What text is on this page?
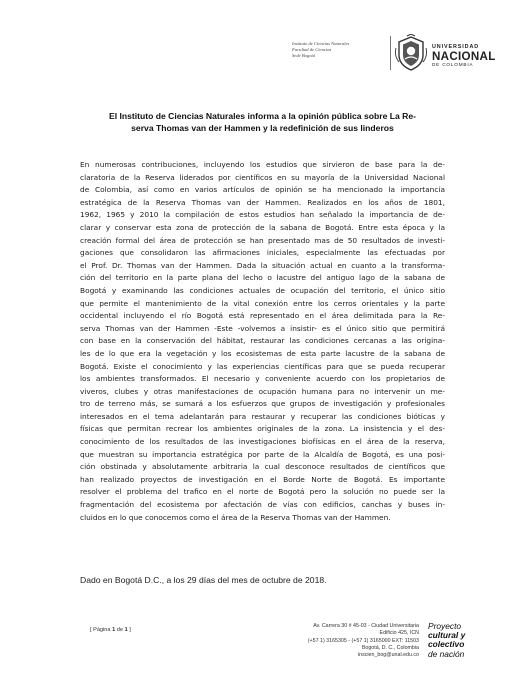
Instituto de Ciencias Naturales
Facultad de Ciencias
Sede Bogotá
UNIVERSIDAD
NACIONAL
DE COLOMBIA
El Instituto de Ciencias Naturales informa a la opinión pública sobre La Re-
serva Thomas van der Hammen y la redefinición de sus linderos
En numerosas contribuciones, incluyendo los estudios que sirvieron de base para la de-
claratoria de la Reserva liderados por científicos en su mayoría de la Universidad Nacional
de Colombia, así como en varios artículos de opinión se ha mencionado la importancia
estratégica de la Reserva Thomas van der Hammen. Realizados en los años de 1801,
1962, 1965 y 2010 la compilación de estos estudios han señalado la importancia de de-
clarar y conservar esta zona de protección de la sabana de Bogotá. Entre esta época y la
creación formal del área de protección se han presentado mas de 50 resultados de investi-
gaciones que consolidaron las afirmaciones iniciales, especialmente las efectuadas por
el Prof. Dr. Thomas van der Hammen. Dada la situación actual en cuanto a la transforma-
ción del territorio en la parte plana del lecho o lacustre del antiguo lago de la sabana de
Bogotá y examinando las condiciones actuales de ocupación del territorio, el único sitio
que permite el mantenimiento de la vital conexión entre los cerros orientales y la parte
occidental incluyendo el río Bogotá está representado en el área delimitada para la Re-
serva Thomas van der Hammen -Este -volvemos a insistir- es el único sitio que permitirá
con base en la conservación del hábitat, restaurar las condiciones cercanas a las origina-
les de lo que era la vegetación y los ecosistemas de esta parte lacustre de la sabana de
Bogotá. Existe el conocimiento y las experiencias científicas para que se pueda recuperar
los ambientes transformados. El necesario y conveniente acuerdo con los propietarios de
viveros, clubes y otras manifestaciones de ocupación humana para no intervenir un me-
tro de terreno más, se sumará a los esfuerzos que grupos de investigación y profesionales
interesados en el tema adelantarán para restaurar y recuperar las condiciones bióticas y
físicas que permitan recrear los ambientes originales de la zona. La insistencia y el des-
conocimiento de los resultados de las investigaciones biofísicas en el área de la reserva,
que muestran su importancia estratégica por parte de la Alcaldía de Bogotá, es una posi-
ción obstinada y absolutamente arbitraria la cual desconoce resultados de científicos que
han realizado proyectos de investigación en el Borde Norte de Bogotá. Es importante
resolver el problema del trafico en el norte de Bogotá pero la solución no puede ser la
fragmentación del ecosistema por afectación de vías con edificios, canchas y buses in-
cluidos en lo que conocemos como el área de la Reserva Thomas van der Hammen.
Dado en Bogotá D.C., a los 29 días del mes de octubre de 2018.
[ Página 1 de 1 ]
Av. Carrera 30 # 45-03 - Ciudad Universitaria
Edificio 425, ICN
(+57 1) 3165305 - (+57 1) 3165000 EXT: 11503
Bogotá, D. C., Colombia
inscien_bog@unal.edu.co
Proyecto
cultural y
colectivo
de nación
